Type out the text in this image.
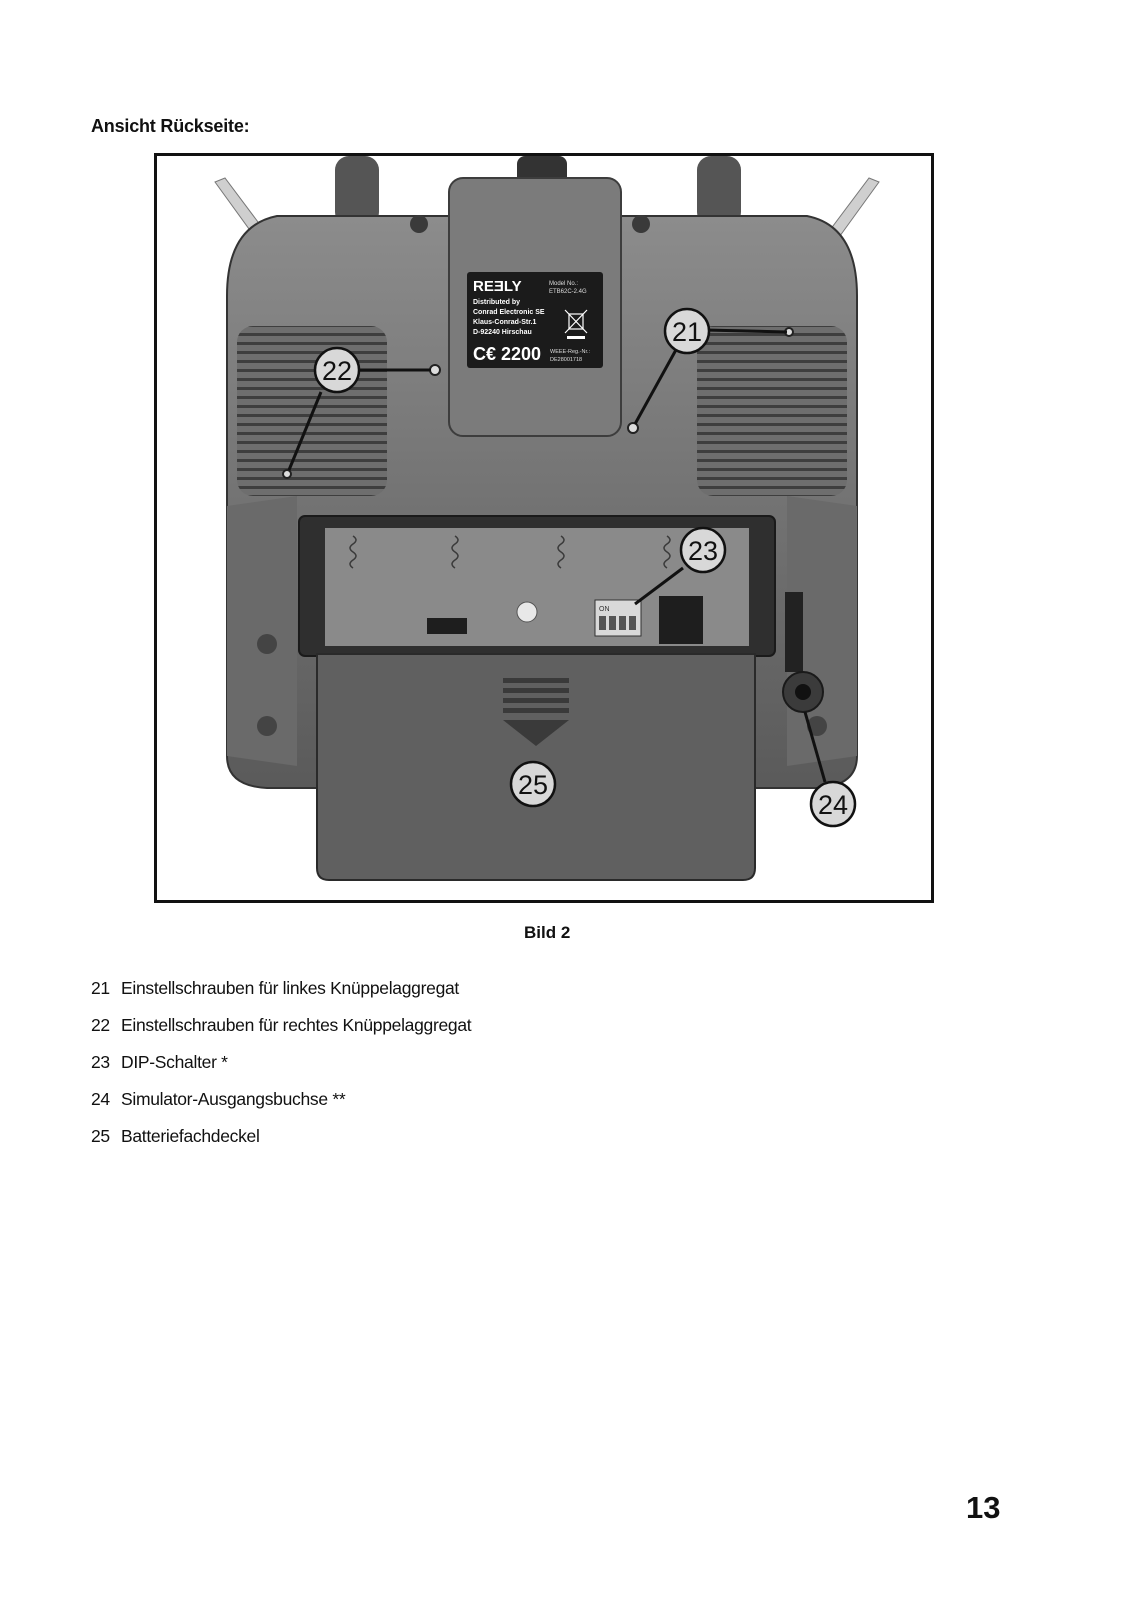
Ansicht Rückseite:
REƎLY	Model No.:
ETB62C-2.4G
Distributed by
Conrad Electronic SE
Klaus-Conrad-Str.1
D-92240 Hirschau
C€ 2200 WEEE-Reg.-Nr.:
DE28001718
ON
21
22
23
24
25
Bild 2
21 Einstellschrauben für linkes Knüppelaggregat
22 Einstellschrauben für rechtes Knüppelaggregat
23 DIP-Schalter *
24 Simulator-Ausgangsbuchse **
25 Batteriefachdeckel
13
